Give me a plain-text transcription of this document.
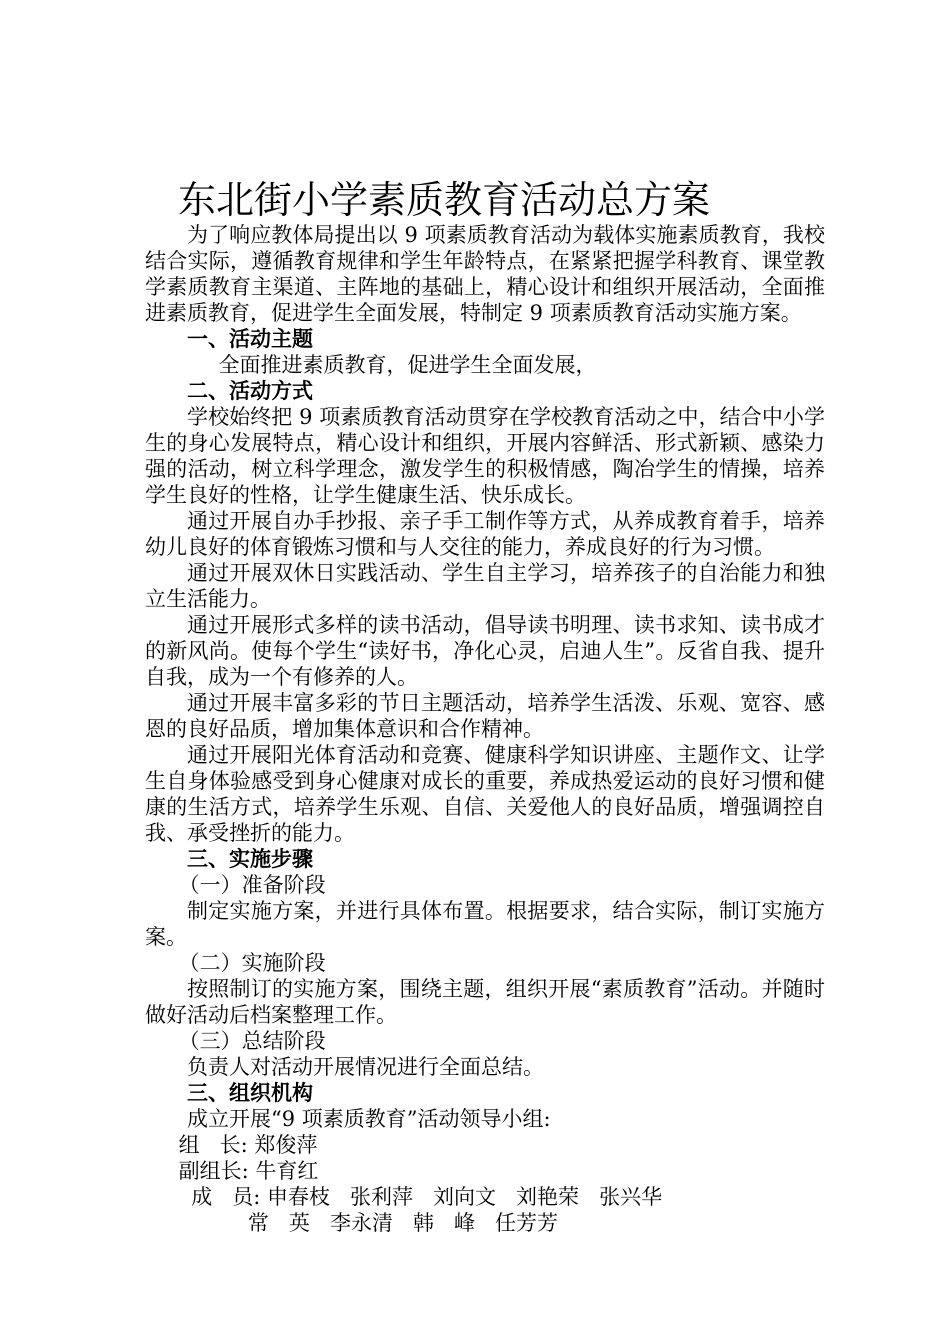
东北街小学素质教育活动总方案

为了响应教体局提出以 9 项素质教育活动为载体实施素质教育，我校结合实际，遵循教育规律和学生年龄特点，在紧紧把握学科教育、课堂教学素质教育主渠道、主阵地的基础上，精心设计和组织开展活动，全面推进素质教育，促进学生全面发展，特制定 9 项素质教育活动实施方案。

一、活动主题

全面推进素质教育，促进学生全面发展，

二、活动方式

学校始终把 9 项素质教育活动贯穿在学校教育活动之中，结合中小学生的身心发展特点，精心设计和组织，开展内容鲜活、形式新颖、感染力强的活动，树立科学理念，激发学生的积极情感，陶冶学生的情操，培养学生良好的性格，让学生健康生活、快乐成长。

通过开展自办手抄报、亲子手工制作等方式，从养成教育着手，培养幼儿良好的体育锻炼习惯和与人交往的能力，养成良好的行为习惯。

通过开展双休日实践活动、学生自主学习，培养孩子的自治能力和独立生活能力。

通过开展形式多样的读书活动，倡导读书明理、读书求知、读书成才的新风尚。使每个学生“读好书，净化心灵，启迪人生”。反省自我、提升自我，成为一个有修养的人。

通过开展丰富多彩的节日主题活动，培养学生活泼、乐观、宽容、感恩的良好品质，增加集体意识和合作精神。

通过开展阳光体育活动和竞赛、健康科学知识讲座、主题作文、让学生自身体验感受到身心健康对成长的重要，养成热爱运动的良好习惯和健康的生活方式，培养学生乐观、自信、关爱他人的良好品质，增强调控自我、承受挫折的能力。

三、实施步骤

（一）准备阶段

制定实施方案，并进行具体布置。根据要求，结合实际，制订实施方案。

（二）实施阶段

按照制订的实施方案，围绕主题，组织开展“素质教育”活动。并随时做好活动后档案整理工作。

（三）总结阶段

负责人对活动开展情况进行全面总结。

三、组织机构

成立开展“9 项素质教育”活动领导小组:

组   长: 郑俊萍

副组长: 牛育红

成   员: 申春枝   张利萍   刘向文   刘艳荣   张兴华

常   英   李永清   韩   峰   任芳芳
